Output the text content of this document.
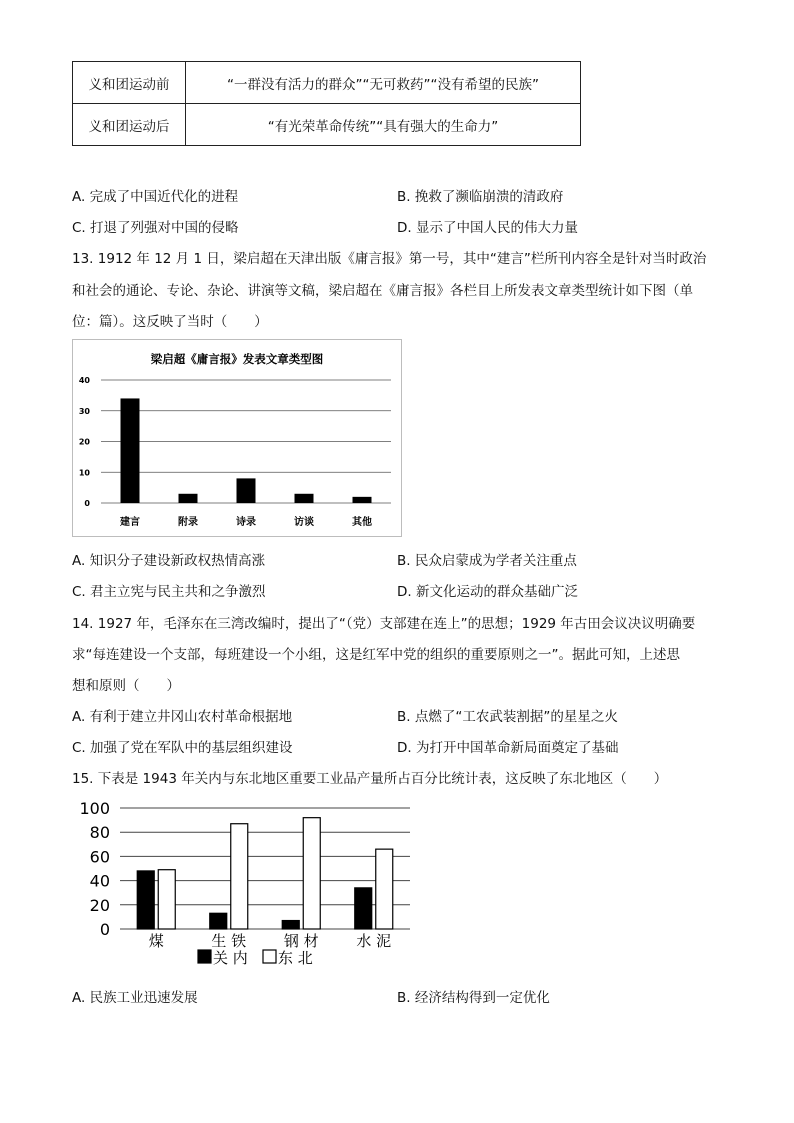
义和团运动前	“一群没有活力的群众”“无可救药”“没有希望的民族”
义和团运动后	“有光荣革命传统”“具有强大的生命力”
A. 完成了中国近代化的进程	B. 挽救了濒临崩溃的清政府
C. 打退了列强对中国的侵略	D. 显示了中国人民的伟大力量
13. 1912 年 12 月 1 日，梁启超在天津出版《庸言报》第一号，其中“建言”栏所刊内容全是针对当时政治
和社会的通论、专论、杂论、讲演等文稿，梁启超在《庸言报》各栏目上所发表文章类型统计如下图（单
位：篇）。这反映了当时（　　）
梁启超《庸言报》发表文章类型图
0
10
20
30
40
建言	附录	诗录	访谈	其他
A. 知识分子建设新政权热情高涨	B. 民众启蒙成为学者关注重点
C. 君主立宪与民主共和之争激烈	D. 新文化运动的群众基础广泛
14. 1927 年，毛泽东在三湾改编时，提出了“（党）支部建在连上”的思想；1929 年古田会议决议明确要
求“每连建设一个支部，每班建设一个小组，这是红军中党的组织的重要原则之一”。据此可知，上述思
想和原则（　　）
A. 有利于建立井冈山农村革命根据地	B. 点燃了“工农武装割据”的星星之火
C. 加强了党在军队中的基层组织建设	D. 为打开中国革命新局面奠定了基础
15. 下表是 1943 年关内与东北地区重要工业品产量所占百分比统计表，这反映了东北地区（　　）
0
20
40
60
80
100
煤	生 铁	钢 材	水 泥
关 内 东 北
A. 民族工业迅速发展	B. 经济结构得到一定优化
